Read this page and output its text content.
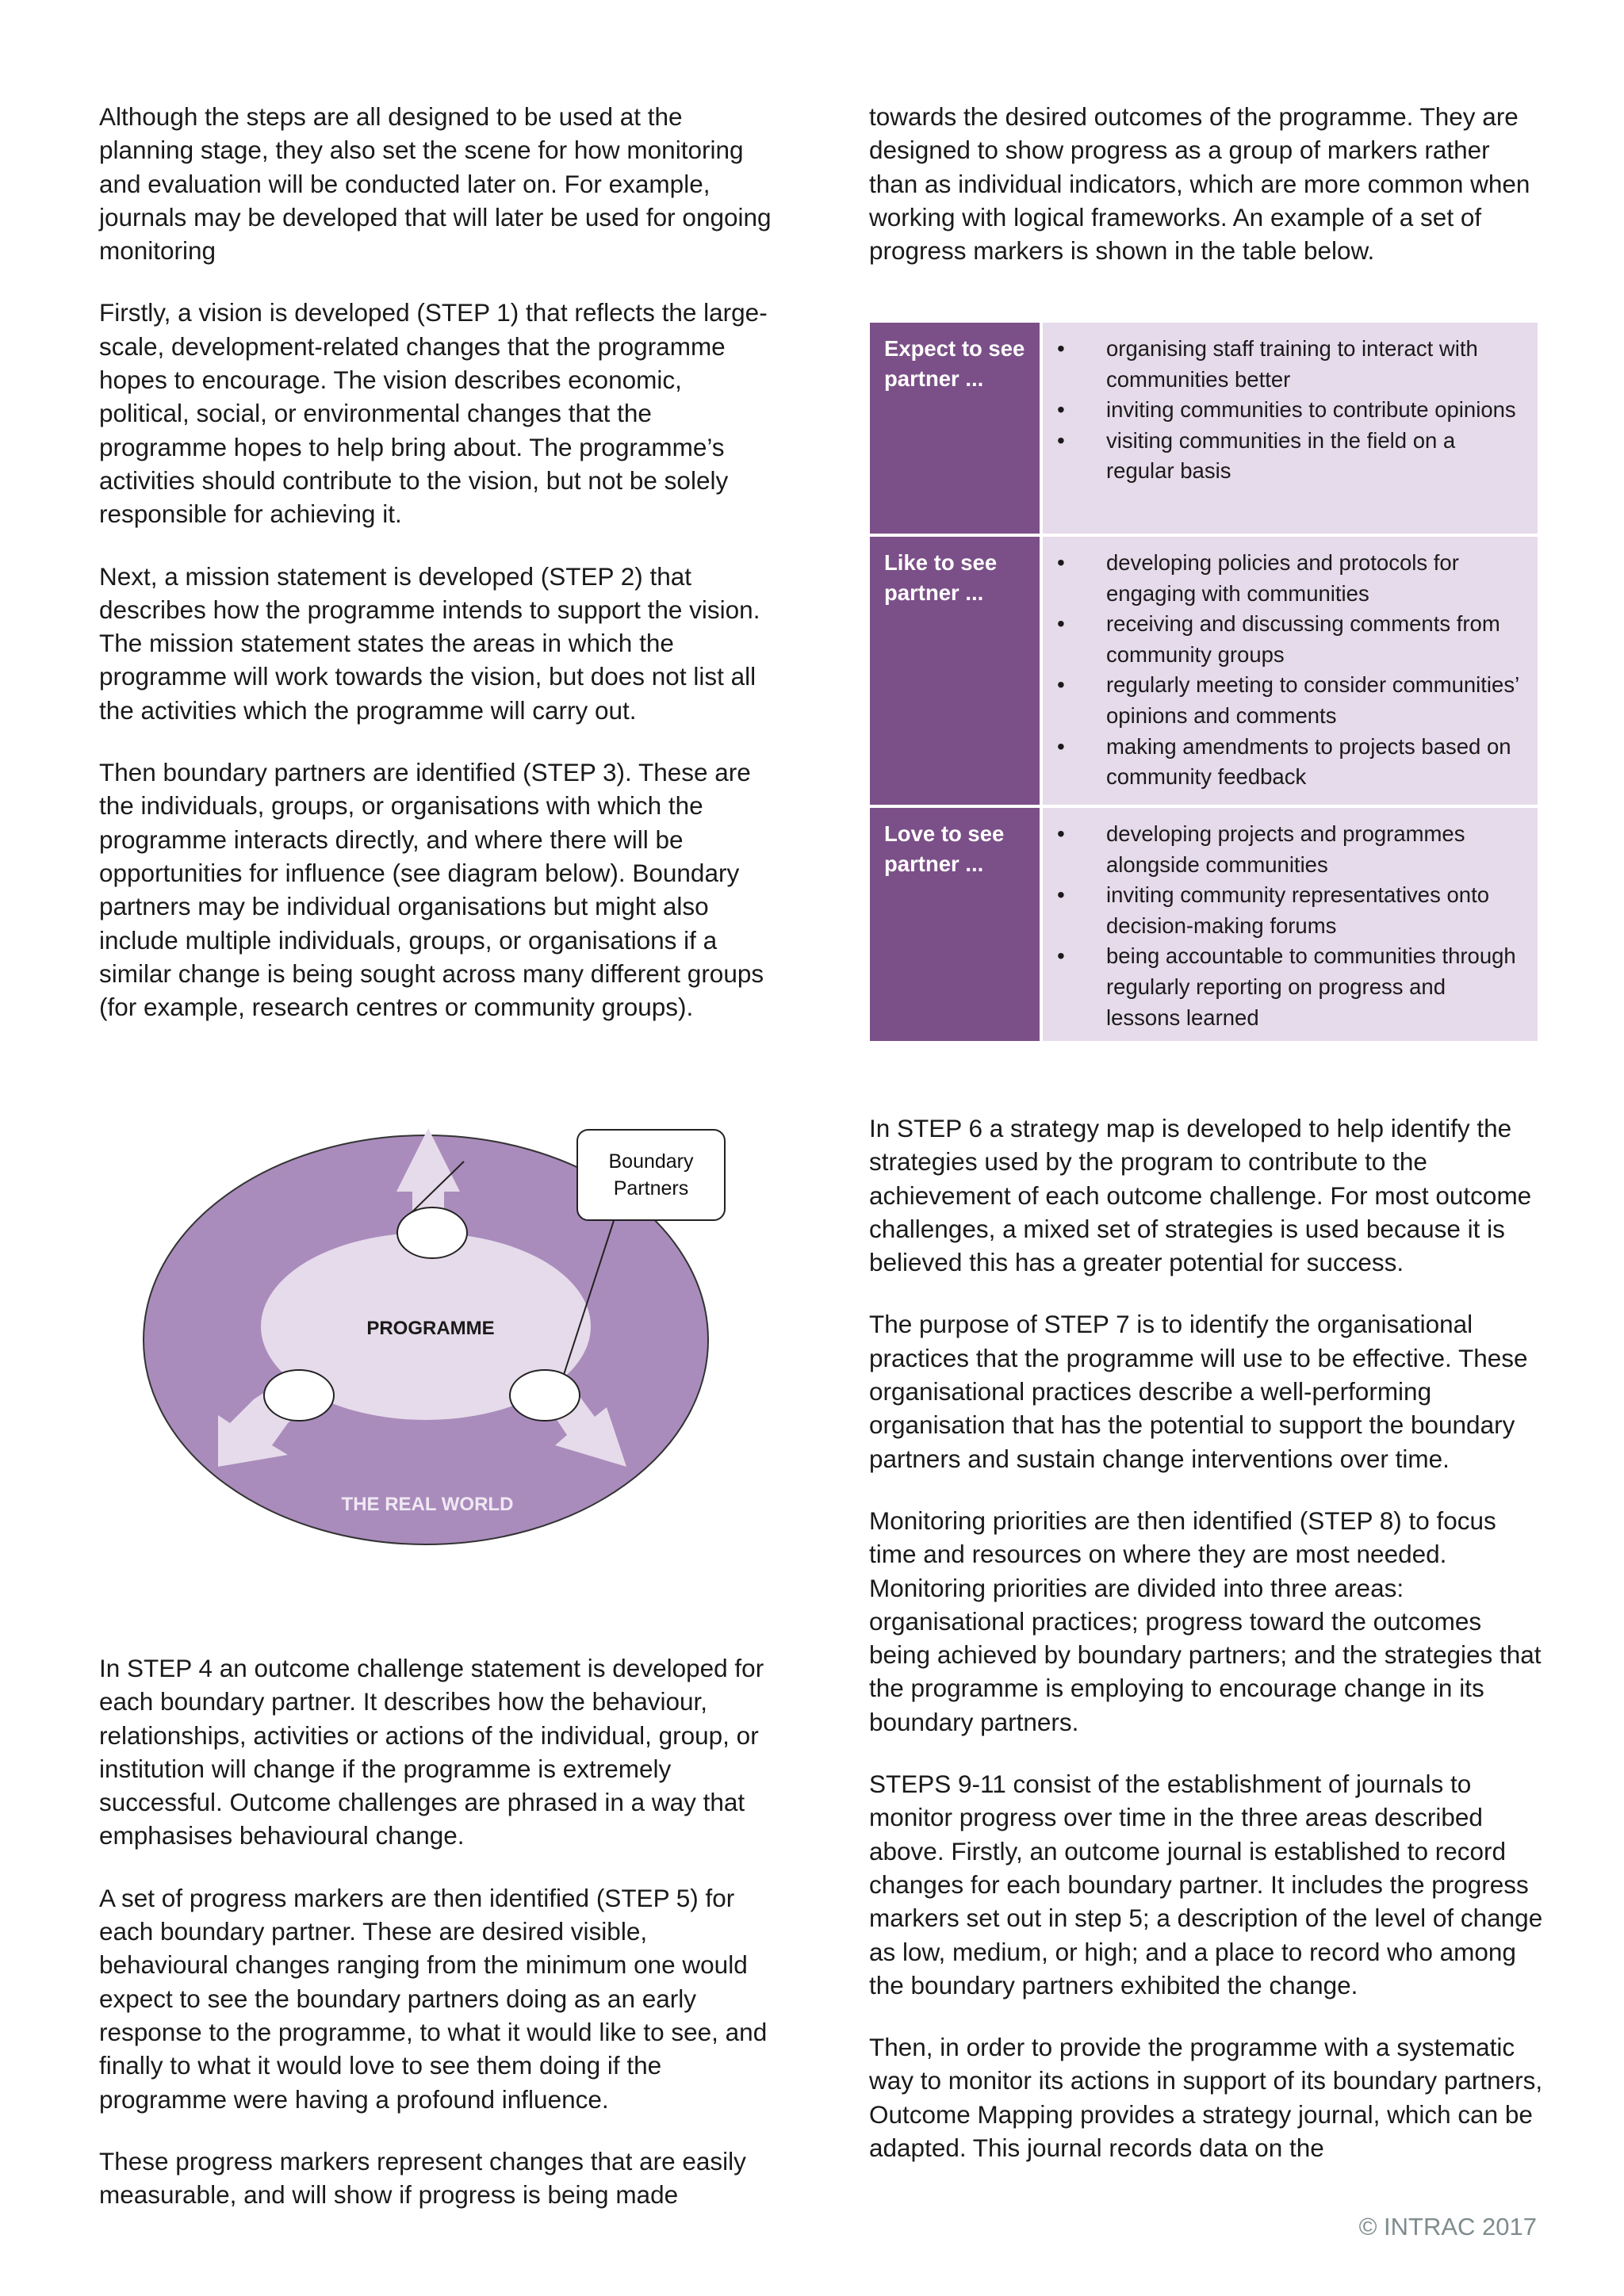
Although the steps are all designed to be used at the planning stage, they also set the scene for how monitoring and evaluation will be conducted later on. For example, journals may be developed that will later be used for ongoing monitoring

Firstly, a vision is developed (STEP 1) that reflects the large-scale, development-related changes that the programme hopes to encourage. The vision describes economic, political, social, or environmental changes that the programme hopes to help bring about. The programme’s activities should contribute to the vision, but not be solely responsible for achieving it.

Next, a mission statement is developed (STEP 2) that describes how the programme intends to support the vision. The mission statement states the areas in which the programme will work towards the vision, but does not list all the activities which the programme will carry out.

Then boundary partners are identified (STEP 3). These are the individuals, groups, or organisations with which the programme interacts directly, and where there will be opportunities for influence (see diagram below). Boundary partners may be individual organisations but might also include multiple individuals, groups, or organisations if a similar change is being sought across many different groups (for example, research centres or community groups).

towards the desired outcomes of the programme. They are designed to show progress as a group of markers rather than as individual indicators, which are more common when working with logical frameworks. An example of a set of progress markers is shown in the table below.

Expect to see partner ...
• organising staff training to interact with communities better
• inviting communities to contribute opinions
• visiting communities in the field on a regular basis
Like to see partner ...
• developing policies and protocols for engaging with communities
• receiving and discussing comments from community groups
• regularly meeting to consider communities’ opinions and comments
• making amendments to projects based on community feedback
Love to see partner ...
• developing projects and programmes alongside communities
• inviting community representatives onto decision-making forums
• being accountable to communities through regularly reporting on progress and lessons learned
Boundary
Partners
PROGRAMME
THE REAL WORLD

In STEP 4 an outcome challenge statement is developed for each boundary partner. It describes how the behaviour, relationships, activities or actions of the individual, group, or institution will change if the programme is extremely successful. Outcome challenges are phrased in a way that emphasises behavioural change.

A set of progress markers are then identified (STEP 5) for each boundary partner. These are desired visible, behavioural changes ranging from the minimum one would expect to see the boundary partners doing as an early response to the programme, to what it would like to see, and finally to what it would love to see them doing if the programme were having a profound influence.

These progress markers represent changes that are easily measurable, and will show if progress is being made

In STEP 6 a strategy map is developed to help identify the strategies used by the program to contribute to the achievement of each outcome challenge. For most outcome challenges, a mixed set of strategies is used because it is believed this has a greater potential for success.

The purpose of STEP 7 is to identify the organisational practices that the programme will use to be effective. These organisational practices describe a well-performing organisation that has the potential to support the boundary partners and sustain change interventions over time.

Monitoring priorities are then identified (STEP 8) to focus time and resources on where they are most needed. Monitoring priorities are divided into three areas: organisational practices; progress toward the outcomes being achieved by boundary partners; and the strategies that the programme is employing to encourage change in its boundary partners.

STEPS 9-11 consist of the establishment of journals to monitor progress over time in the three areas described above. Firstly, an outcome journal is established to record changes for each boundary partner. It includes the progress markers set out in step 5; a description of the level of change as low, medium, or high; and a place to record who among the boundary partners exhibited the change.

Then, in order to provide the programme with a systematic way to monitor its actions in support of its boundary partners, Outcome Mapping provides a strategy journal, which can be adapted. This journal records data on the

© INTRAC 2017
